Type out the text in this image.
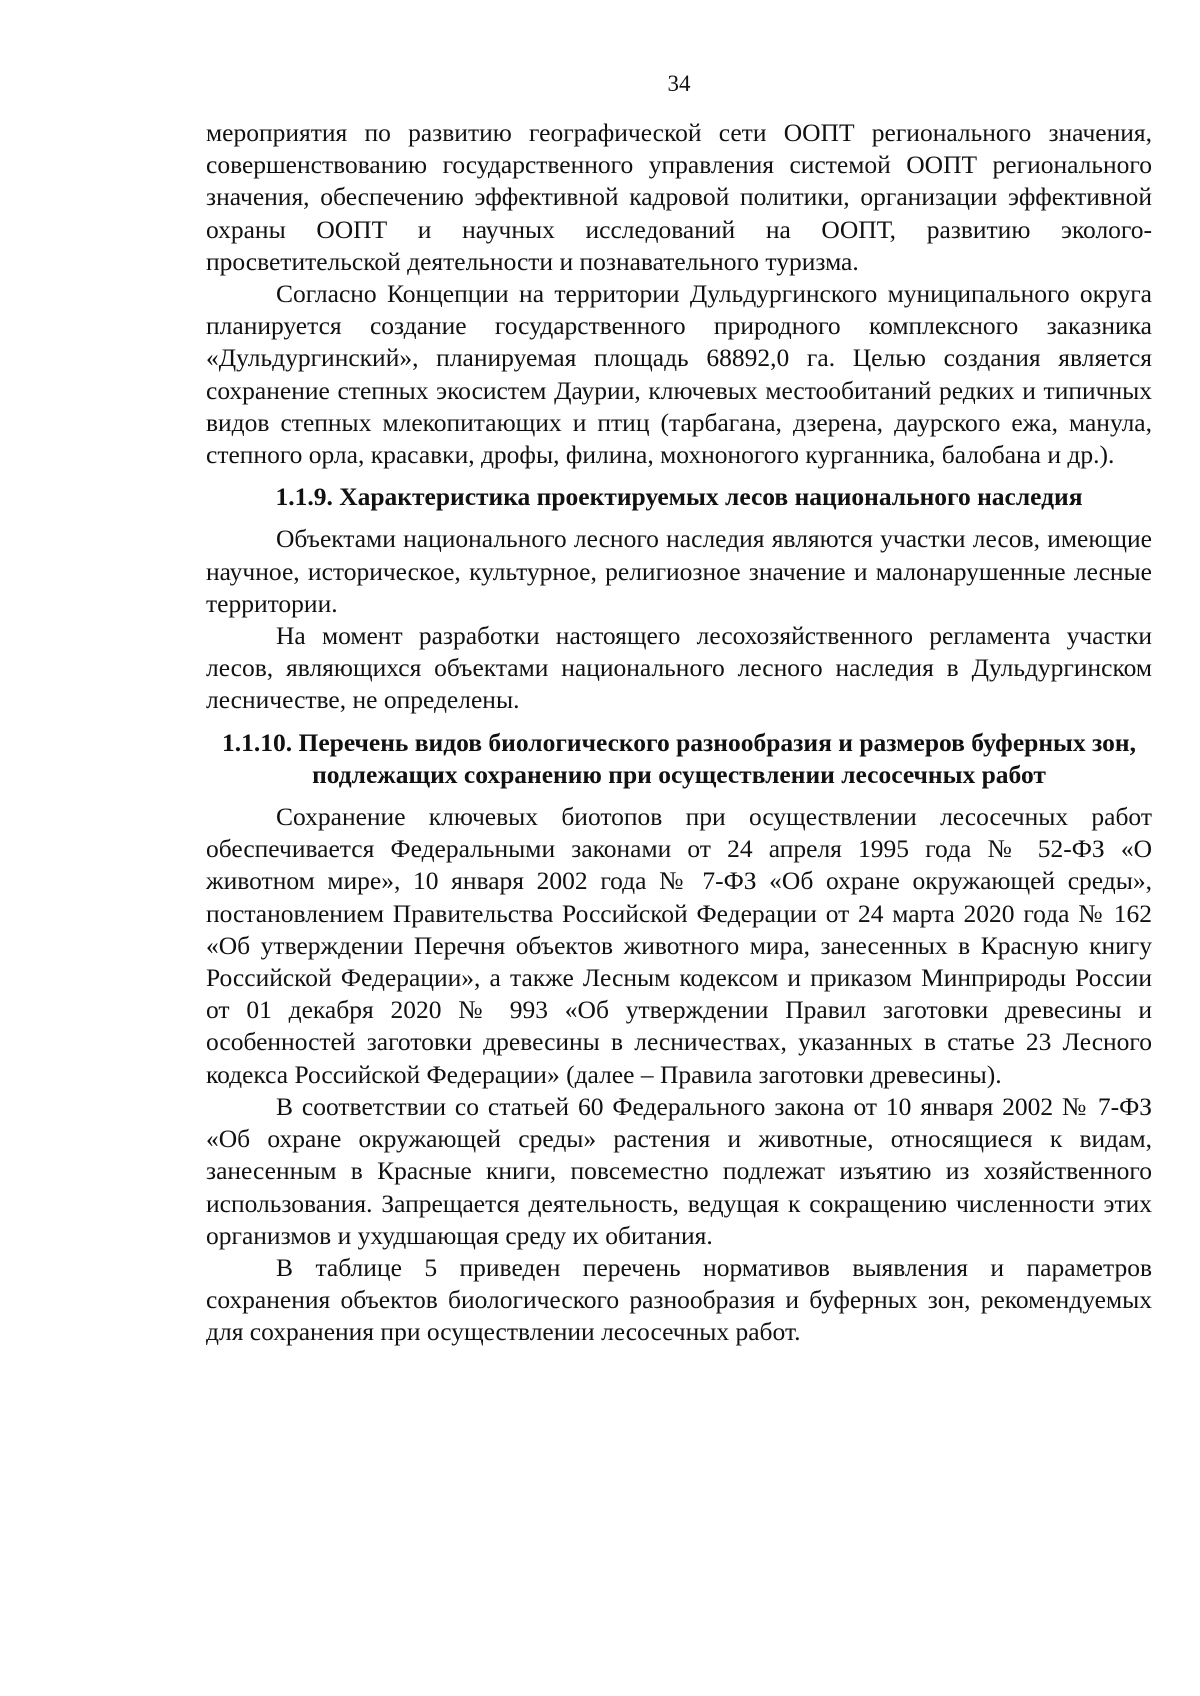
34

мероприятия по развитию географической сети ООПТ регионального значения, совершенствованию государственного управления системой ООПТ регионального значения, обеспечению эффективной кадровой политики, организации эффективной охраны ООПТ и научных исследований на ООПТ, развитию эколого-просветительской деятельности и познавательного туризма.

Согласно Концепции на территории Дульдургинского муниципального округа планируется создание государственного природного комплексного заказника «Дульдургинский», планируемая площадь 68892,0 га. Целью создания является сохранение степных экосистем Даурии, ключевых местообитаний редких и типичных видов степных млекопитающих и птиц (тарбагана, дзерена, даурского ежа, манула, степного орла, красавки, дрофы, филина, мохноногого курганника, балобана и др.).

1.1.9. Характеристика проектируемых лесов национального наследия

Объектами национального лесного наследия являются участки лесов, имеющие научное, историческое, культурное, религиозное значение и малонарушенные лесные территории.

На момент разработки настоящего лесохозяйственного регламента участки лесов, являющихся объектами национального лесного наследия в Дульдургинском лесничестве, не определены.

1.1.10. Перечень видов биологического разнообразия и размеров буферных зон, подлежащих сохранению при осуществлении лесосечных работ

Сохранение ключевых биотопов при осуществлении лесосечных работ обеспечивается Федеральными законами от 24 апреля 1995 года № 52-ФЗ «О животном мире», 10 января 2002 года № 7-ФЗ «Об охране окружающей среды», постановлением Правительства Российской Федерации от 24 марта 2020 года № 162 «Об утверждении Перечня объектов животного мира, занесенных в Красную книгу Российской Федерации», а также Лесным кодексом и приказом Минприроды России от 01 декабря 2020 № 993 «Об утверждении Правил заготовки древесины и особенностей заготовки древесины в лесничествах, указанных в статье 23 Лесного кодекса Российской Федерации» (далее – Правила заготовки древесины).

В соответствии со статьей 60 Федерального закона от 10 января 2002 № 7-ФЗ «Об охране окружающей среды» растения и животные, относящиеся к видам, занесенным в Красные книги, повсеместно подлежат изъятию из хозяйственного использования. Запрещается деятельность, ведущая к сокращению численности этих организмов и ухудшающая среду их обитания.

В таблице 5 приведен перечень нормативов выявления и параметров сохранения объектов биологического разнообразия и буферных зон, рекомендуемых для сохранения при осуществлении лесосечных работ.
